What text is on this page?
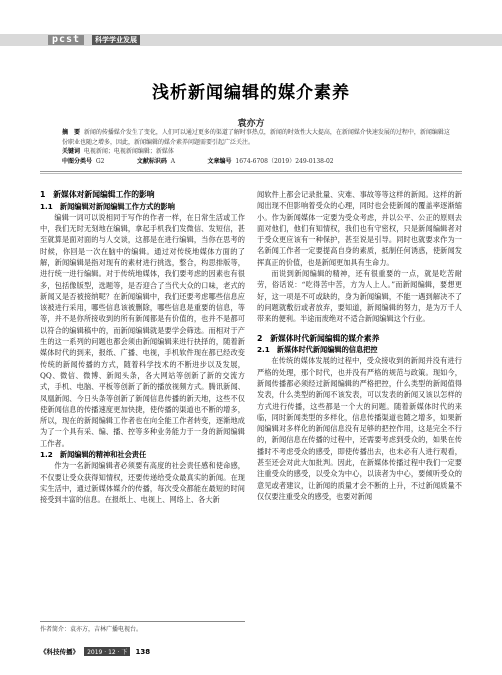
pcst	科学学业发展
浅析新闻编辑的媒介素养
袁亦方
摘　要 新闻的传播媒介发生了变化，人们可以通过更多的渠道了解时事热点，新闻的时效性大大提高，在新闻媒介快速发展的过程中，新闻编辑这份职业也随之增多，因此，新闻编辑的媒介素养问题需要引起广泛关注。
关键词 电视新闻；电视新闻编辑；新媒体
中图分类号 G2	文献标识码 A	文章编号 1674-6708（2019）249-0138-02

1　新媒体对新闻编辑工作的影响

1.1　新闻编辑对新闻编辑工作方式的影响

编辑一词可以说相同于写作的作者一样，在日常生活或工作中，我们无时无刻地在编辑，拿起手机我们发微信、发短信，甚至就算是面对面的与人交谈，这都是在进行编辑，当你在思考的时候，你回是一次在脑中的编辑。通过对传统地媒体方面的了解，新闻编辑是指对现有的素材进行挑选，整合，构思排版等，进行统一进行编辑。对于传统地媒体，我们要考虑的因素也有很多，包括像版型，选题等，是否迎合了当代大众的口味，老式的新闻又是否被接纳呢？在新闻编辑中，我们还要考虑哪些信息应该被进行采用，哪些信息该被删除，哪些信息是重要的信息，等等，并不是你所接收到的所有新闻都是有价值的，也并不是都可以符合的编辑稿中的，而新闻编辑就是要学会筛选。而相对于产生的这一系列的问题也都会须由新闻编辑来进行抉择的，随着新媒体时代的到来，报纸、广播、电视，手机软件现在都已经改变传统的新闻传播的方式，随着科学技术的不断进步以及发展，QQ、微信、微博、新闻头条，各大网站等创新了新的交流方式，手机、电脑、平板等创新了新的播放视频方式。腾讯新闻、凤凰新闻、今日头条等创新了新闻信息传播的新天地，这些不仅使新闻信息的传播速度更加快捷，使传播的渠道也不断的增多，所以，现在的新闻编辑工作者也在向全能工作者转变，逐渐地成为了一个具有采、编、播、控等多种业务能力于一身的新闻编辑工作者。

1.2　新闻编辑的精神和社会责任

作为一名新闻编辑者必须要有高度的社会责任感和使命感，不仅要让受众获得知情权，还要传递给受众最真实的新闻。在现实生活中，通过新媒体媒介的传播，每次受众都能在最短的时间接受到丰富的信息。在报纸上、电视上、网络上、各大新

闻软件上都会记录批量、灾难、事故等等这样的新闻。这样的新闻出现不但影响着受众的心理，同时也会使新闻的覆盖率逐渐缩小。作为新闻媒体一定要为受众考虑，并以公平、公正的原则去面对他们，他们有知情权，我们也有守密权，只是新闻编辑者对于受众更应该有一种保护，甚至说是引导。同时也就要求作为一名新闻工作者一定要提高自身的素质，抵制任何诱惑，使新闻发挥真正的价值，也是新闻更加具有生命力。

而说到新闻编辑的精神，还有很重要的一点，就是吃苦耐劳，俗话说：“吃得苦中苦，方为人上人。”而新闻编辑，要想更好，这一项是不可或缺的，身为新闻编辑，不能一遇到解决不了的问题就敷衍或者放弃，要知道，新闻编辑的努力，是为万千人带来的便利。半途而废绝对不适合新闻编辑这个行业。

2　新媒体时代新闻编辑的媒介素养

2.1　新媒体时代新闻编辑的信息把控

在传统的媒体发展的过程中，受众接收到的新闻并没有进行严格的处理，那个时代，也并没有严格的规范与政策。现如今，新闻传播都必须经过新闻编辑的严格把控，什么类型的新闻值得发表，什么类型的新闻不该发表，可以发表的新闻又该以怎样的方式进行传播，这些都是一个大的问题。随着新媒体时代的来临，同时新闻类型的多样化，信息传播渠道也随之增多，如果新闻编辑对多样化的新闻信息没有足够的把控作用，这是完全不行的，新闻信息在传播的过程中，还需要考虑到受众的，如果在传播时不考虑受众的感受，即使传播出去，也未必有人进行观看，甚至还会对此大加批判。因此，在新媒体传播过程中我们一定要注重受众的感受，以受众为中心，以读者为中心，要倾听受众的意见或者建议，让新闻的质量才会不断的上升，不过新闻质量不仅仅要注重受众的感受，也要对新闻

作者简介：袁亦方，吉林广播电视台。
《科技传播》 2019 · 12 · 下 138
